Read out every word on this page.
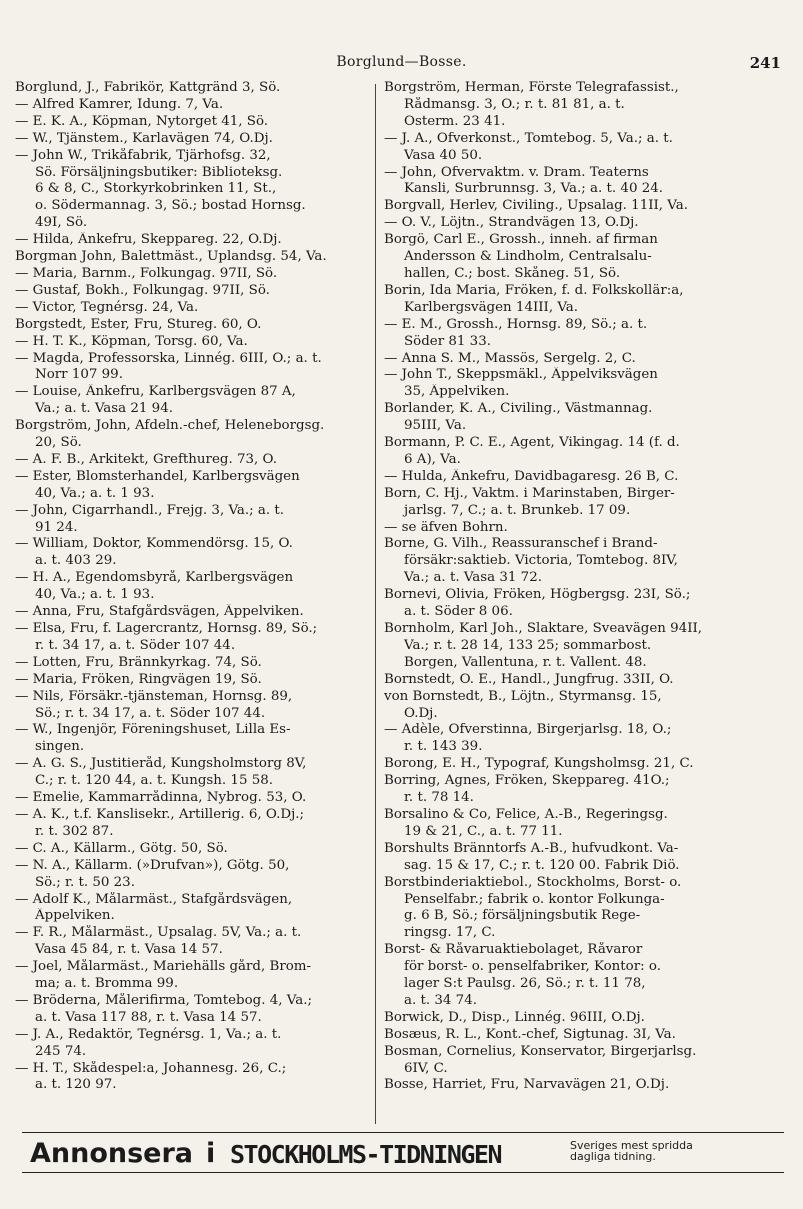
Borglund—Bosse.	241
Borglund, J., Fabrikör, Kattgränd 3, Sö.
— Alfred Kamrer, Idung. 7, Va.
— E. K. A., Köpman, Nytorget 41, Sö.
— W., Tjänstem., Karlavägen 74, Ö.Dj.
— John W., Trikåfabrik, Tjärhofsg. 32,
Sö. Försäljningsbutiker: Biblioteksg.
6 & 8, C., Storkyrkobrinken 11, St.,
o. Södermannag. 3, Sö.; bostad Hornsg.
49I, Sö.
— Hilda, Änkefru, Skeppareg. 22, Ö.Dj.
Borgman John, Balettmäst., Uplandsg. 54, Va.
— Maria, Barnm., Folkungag. 97II, Sö.
— Gustaf, Bokh., Folkungag. 97II, Sö.
— Victor, Tegnérsg. 24, Va.
Borgstedt, Ester, Fru, Stureg. 60, Ö.
— H. T. K., Köpman, Torsg. 60, Va.
— Magda, Professorska, Linnég. 6III, Ö.; a. t.
Norr 107 99.
— Louise, Änkefru, Karlbergsvägen 87 A,
Va.; a. t. Vasa 21 94.
Borgström, John, Afdeln.-chef, Heleneborgsg.
20, Sö.
— A. F. B., Arkitekt, Grefthureg. 73, Ö.
— Ester, Blomsterhandel, Karlbergsvägen
40, Va.; a. t. 1 93.
— John, Cigarrhandl., Frejg. 3, Va.; a. t.
91 24.
— William, Doktor, Kommendörsg. 15, Ö.
a. t. 403 29.
— H. A., Egendomsbyrå, Karlbergsvägen
40, Va.; a. t. 1 93.
— Anna, Fru, Stafgårdsvägen, Äppelviken.
— Elsa, Fru, f. Lagercrantz, Hornsg. 89, Sö.;
r. t. 34 17, a. t. Söder 107 44.
— Lotten, Fru, Brännkyrkag. 74, Sö.
— Maria, Fröken, Ringvägen 19, Sö.
— Nils, Försäkr.-tjänsteman, Hornsg. 89,
Sö.; r. t. 34 17, a. t. Söder 107 44.
— W., Ingenjör, Föreningshuset, Lilla Es-
singen.
— A. G. S., Justitieråd, Kungsholmstorg 8V,
C.; r. t. 120 44, a. t. Kungsh. 15 58.
— Emelie, Kammarrådinna, Nybrog. 53, Ö.
— A. K., t.f. Kanslisekr., Artillerig. 6, Ö.Dj.;
r. t. 302 87.
— C. A., Källarm., Götg. 50, Sö.
— N. A., Källarm. (»Drufvan»), Götg. 50,
Sö.; r. t. 50 23.
— Adolf K., Målarmäst., Stafgårdsvägen,
Äppelviken.
— F. R., Målarmäst., Upsalag. 5V, Va.; a. t.
Vasa 45 84, r. t. Vasa 14 57.
— Joel, Målarmäst., Mariehälls gård, Brom-
ma; a. t. Bromma 99.
— Bröderna, Målerifirma, Tomtebog. 4, Va.;
a. t. Vasa 117 88, r. t. Vasa 14 57.
— J. A., Redaktör, Tegnérsg. 1, Va.; a. t.
245 74.
— H. T., Skådespel:a, Johannesg. 26, C.;
a. t. 120 97.
Borgström, Herman, Förste Telegrafassist.,
Rådmansg. 3, Ö.; r. t. 81 81, a. t.
Österm. 23 41.
— J. A., Öfverkonst., Tomtebog. 5, Va.; a. t.
Vasa 40 50.
— John, Öfvervaktm. v. Dram. Teaterns
Kansli, Surbrunnsg. 3, Va.; a. t. 40 24.
Borgvall, Herlev, Civiling., Upsalag. 11II, Va.
— O. V., Löjtn., Strandvägen 13, Ö.Dj.
Borgö, Carl E., Grossh., inneh. af firman
Andersson & Lindholm, Centralsalu-
hallen, C.; bost. Skåneg. 51, Sö.
Borin, Ida Maria, Fröken, f. d. Folkskollär:a,
Karlbergsvägen 14III, Va.
— E. M., Grossh., Hornsg. 89, Sö.; a. t.
Söder 81 33.
— Anna S. M., Massös, Sergelg. 2, C.
— John T., Skeppsmäkl., Äppelviksvägen
35, Äppelviken.
Borlander, K. A., Civiling., Västmannag.
95III, Va.
Bormann, P. C. E., Agent, Vikingag. 14 (f. d.
6 A), Va.
— Hulda, Änkefru, Davidbagaresg. 26 B, C.
Born, C. Hj., Vaktm. i Marinstaben, Birger-
jarlsg. 7, C.; a. t. Brunkeb. 17 09.
— se äfven Bohrn.
Borne, G. Vilh., Reassuranschef i Brand-
försäkr:saktieb. Victoria, Tomtebog. 8IV,
Va.; a. t. Vasa 31 72.
Bornevi, Olivia, Fröken, Högbergsg. 23I, Sö.;
a. t. Söder 8 06.
Bornholm, Karl Joh., Slaktare, Sveavägen 94II,
Va.; r. t. 28 14, 133 25; sommarbost.
Borgen, Vallentuna, r. t. Vallent. 48.
Bornstedt, O. E., Handl., Jungfrug. 33II, Ö.
von Bornstedt, B., Löjtn., Styrmansg. 15,
Ö.Dj.
— Adèle, Öfverstinna, Birgerjarlsg. 18, Ö.;
r. t. 143 39.
Borong, E. H., Typograf, Kungsholmsg. 21, C.
Borring, Agnes, Fröken, Skeppareg. 41Ö.;
r. t. 78 14.
Borsalino & Co, Felice, A.-B., Regeringsg.
19 & 21, C., a. t. 77 11.
Borshults Bränntorfs A.-B., hufvudkont. Va-
sag. 15 & 17, C.; r. t. 120 00. Fabrik Diö.
Borstbinderiaktiebol., Stockholms, Borst- o.
Penselfabr.; fabrik o. kontor Folkunga-
g. 6 B, Sö.; försäljningsbutik Rege-
ringsg. 17, C.
Borst- & Råvaruaktiebolaget, Råvaror
för borst- o. penselfabriker, Kontor: o.
lager S:t Paulsg. 26, Sö.; r. t. 11 78,
a. t. 34 74.
Borwick, D., Disp., Linnég. 96III, Ö.Dj.
Bosæus, R. L., Kont.-chef, Sigtunag. 3I, Va.
Bosman, Cornelius, Konservator, Birgerjarlsg.
6IV, C.
Bosse, Harriet, Fru, Narvavägen 21, Ö.Dj.
Annonsera i STOCKHOLMS-TIDNINGEN	Sveriges mest spridda
dagliga tidning.
